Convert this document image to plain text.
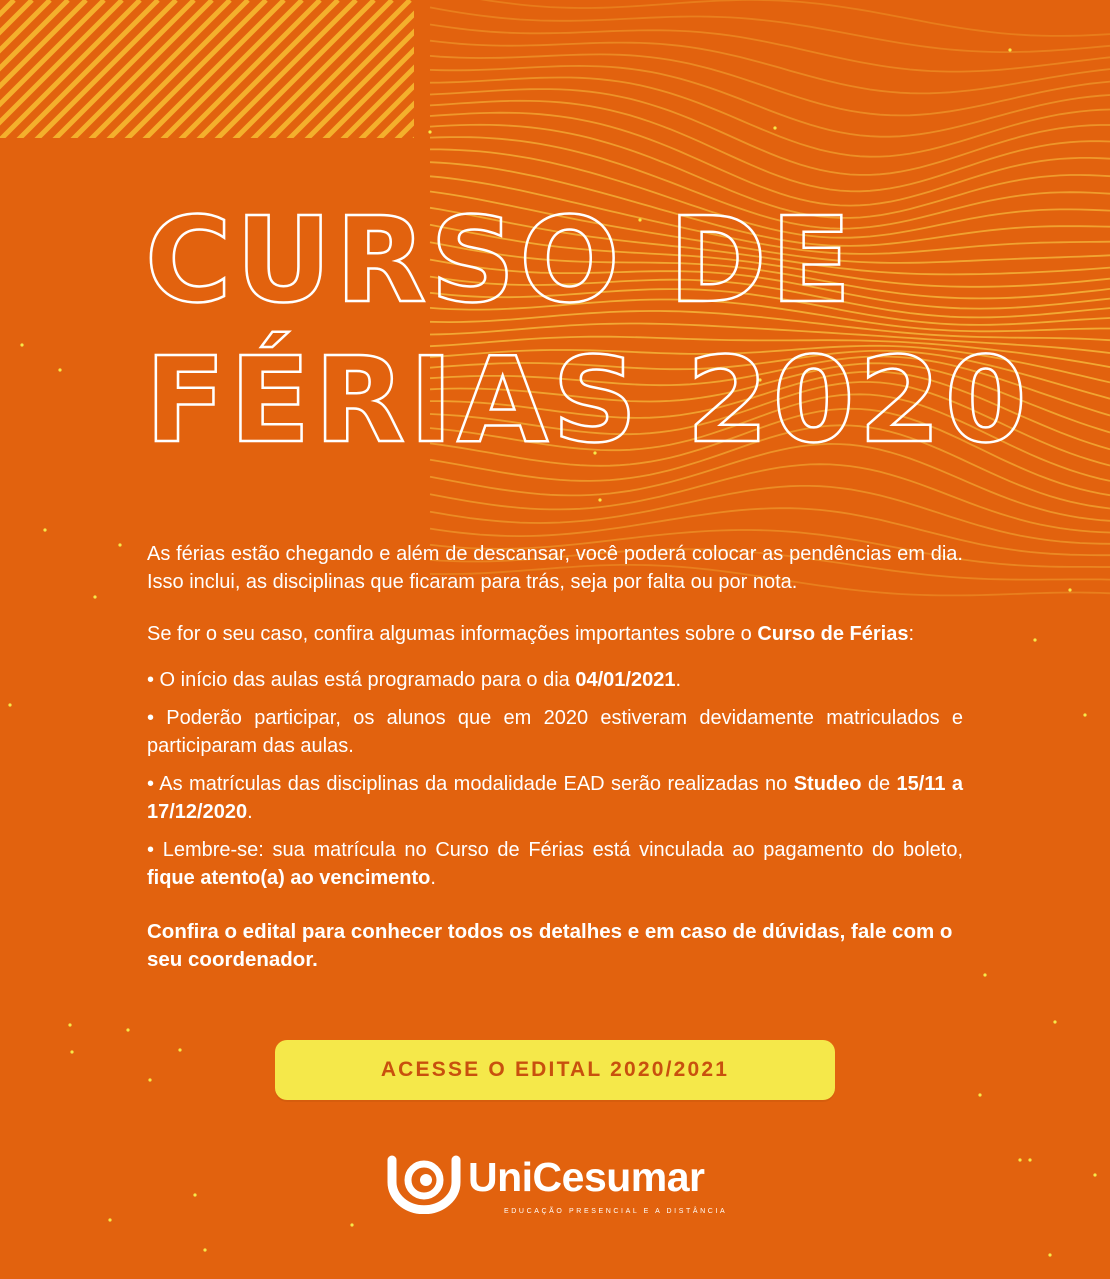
CURSO DE
FÉRIAS 2020

As férias estão chegando e além de descansar, você poderá colocar as pendências em dia. Isso inclui, as disciplinas que ficaram para trás, seja por falta ou por nota.

Se for o seu caso, confira algumas informações importantes sobre o Curso de Férias:

• O início das aulas está programado para o dia 04/01/2021.

• Poderão participar, os alunos que em 2020 estiveram devidamente matriculados e participaram das aulas.

• As matrículas das disciplinas da modalidade EAD serão realizadas no Studeo de 15/11 a 17/12/2020.

• Lembre-se: sua matrícula no Curso de Férias está vinculada ao pagamento do boleto, fique atento(a) ao vencimento.

Confira o edital para conhecer todos os detalhes e em caso de dúvidas, fale com o seu coordenador.

ACESSE O EDITAL 2020/2021
UniCesumar
EDUCAÇÃO PRESENCIAL E A DISTÂNCIA
